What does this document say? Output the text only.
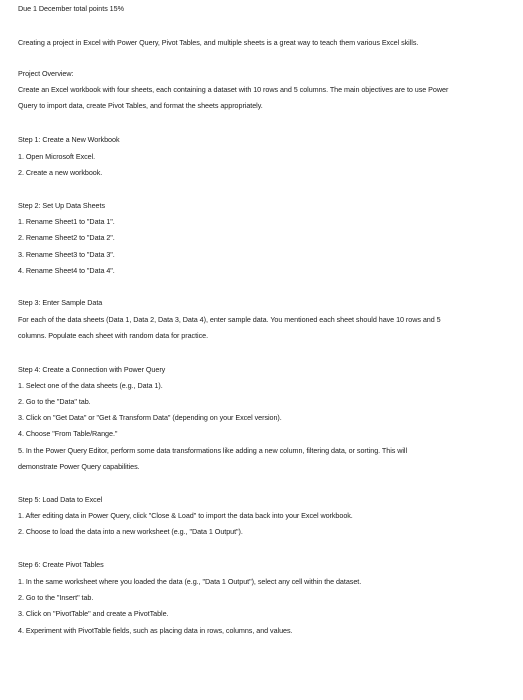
Due 1 December total points 15%
Creating a project in Excel with Power Query, Pivot Tables, and multiple sheets is a great way to teach them various Excel skills.
Project Overview:
Create an Excel workbook with four sheets, each containing a dataset with 10 rows and 5 columns. The main objectives are to use Power
Query to import data, create Pivot Tables, and format the sheets appropriately.
Step 1: Create a New Workbook
1. Open Microsoft Excel.
2. Create a new workbook.
Step 2: Set Up Data Sheets
1. Rename Sheet1 to "Data 1".
2. Rename Sheet2 to "Data 2".
3. Rename Sheet3 to "Data 3".
4. Rename Sheet4 to "Data 4".
Step 3: Enter Sample Data
For each of the data sheets (Data 1, Data 2, Data 3, Data 4), enter sample data. You mentioned each sheet should have 10 rows and 5
columns. Populate each sheet with random data for practice.
Step 4: Create a Connection with Power Query
1. Select one of the data sheets (e.g., Data 1).
2. Go to the "Data" tab.
3. Click on "Get Data" or "Get & Transform Data" (depending on your Excel version).
4. Choose "From Table/Range."
5. In the Power Query Editor, perform some data transformations like adding a new column, filtering data, or sorting. This will
demonstrate Power Query capabilities.
Step 5: Load Data to Excel
1. After editing data in Power Query, click "Close & Load" to import the data back into your Excel workbook.
2. Choose to load the data into a new worksheet (e.g., "Data 1 Output").
Step 6: Create Pivot Tables
1. In the same worksheet where you loaded the data (e.g., "Data 1 Output"), select any cell within the dataset.
2. Go to the "Insert" tab.
3. Click on "PivotTable" and create a PivotTable.
4. Experiment with PivotTable fields, such as placing data in rows, columns, and values.
